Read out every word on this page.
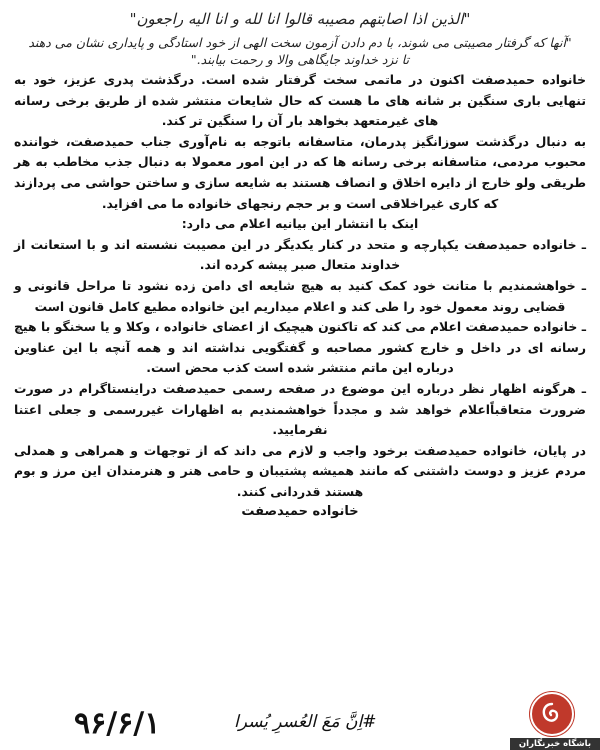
"الذین اذا اصابتهم مصیبه قالوا انا لله و انا الیه راجعون"
"آنها که گرفتار مصیبتی می شوند، با دم دادن آزمون سخت الهی از خود استادگی و پایداری نشان می دهند تا نزد خداوند جایگاهی والا و رحمت بیابند."

خانواده حمیدصفت اکنون در ماتمی سخت گرفتار شده است. درگذشت پدری عزیز، خود به تنهایی باری سنگین بر شانه های ما هست که حال شایعات منتشر شده از طریق برخی رسانه های غیرمتعهد بخواهد بار آن را سنگین تر کند.

به دنبال درگذشت سوزانگیز پدرمان، متاسفانه باتوجه به نام‌آوری جناب حمیدصفت، خواننده محبوب مردمی، متاسفانه برخی رسانه ها که در این امور معمولا به دنبال جذب مخاطب به هر طریقی ولو خارج از دایره اخلاق و انصاف هستند به شایعه سازی و ساختن حواشی می پردازند که کاری غیراخلاقی است و بر حجم رنجهای خانواده ما می افزاید.

اینک با انتشار این بیانیه اعلام می دارد:

ـ خانواده حمیدصفت یکپارچه و متحد در کنار یکدیگر در این مصیبت نشسته اند و با استعانت از خداوند متعال صبر پیشه کرده اند.

ـ خواهشمندیم با متانت خود کمک کنید به هیچ شایعه ای دامن زده نشود تا مراحل قانونی و قضایی روند معمول خود را طی کند و اعلام میداریم این خانواده مطیع کامل قانون است

ـ خانواده حمیدصفت اعلام می کند که تاکنون هیچیک از اعضای خانواده ، وکلا و یا سخنگو با هیچ رسانه ای در داخل و خارج کشور مصاحبه و گفتگویی نداشته اند و همه آنچه با این عناوین درباره این ماتم منتشر شده است کذب محض است.

ـ هرگونه اظهار نظر درباره این موضوع در صفحه رسمی حمیدصفت دراینستاگرام در صورت ضرورت متعاقباًاعلام خواهد شد و مجدداً خواهشمندیم به اظهارات غیررسمی و جعلی اعتنا نفرمایید.

در پایان، خانواده حمیدصفت برخود واجب و لازم می داند که از توجهات و همراهی و همدلی مردم عزیز و دوست داشتنی که مانند همیشه پشتیبان و حامی هنر و هنرمندان این مرز و بوم هستند قدردانی کنند.

خانواده حمیدصفت
۹۶/۶/۱	#اِنَّ مَعَ العُسرِ یُسرا
باشگاه خبرنگاران
